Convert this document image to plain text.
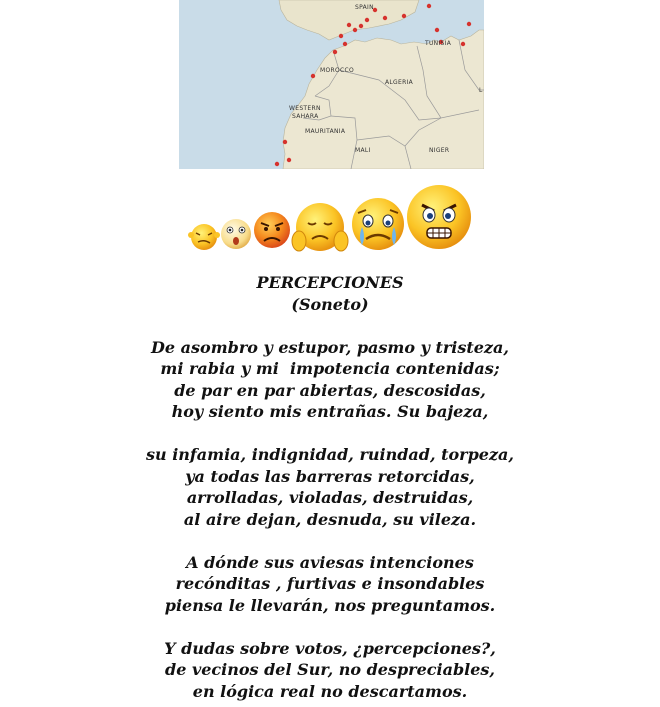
SPAIN
TUNISIA
MOROCCO
ALGERIA
WESTERN
SAHARA
MAURITANIA
MALI	NIGER
L
PERCEPCIONES
(Soneto)
De asombro y estupor, pasmo y tristeza,
mi rabia y mi  impotencia contenidas;
de par en par abiertas, descosidas,
hoy siento mis entrañas. Su bajeza,
su infamia, indignidad, ruindad, torpeza,
ya todas las barreras retorcidas,
arrolladas, violadas, destruidas,
al aire dejan, desnuda, su vileza.
A dónde sus aviesas intenciones
recónditas , furtivas e insondables
piensa le llevarán, nos preguntamos.
Y dudas sobre votos, ¿percepciones?,
de vecinos del Sur, no despreciables,
en lógica real no descartamos.
